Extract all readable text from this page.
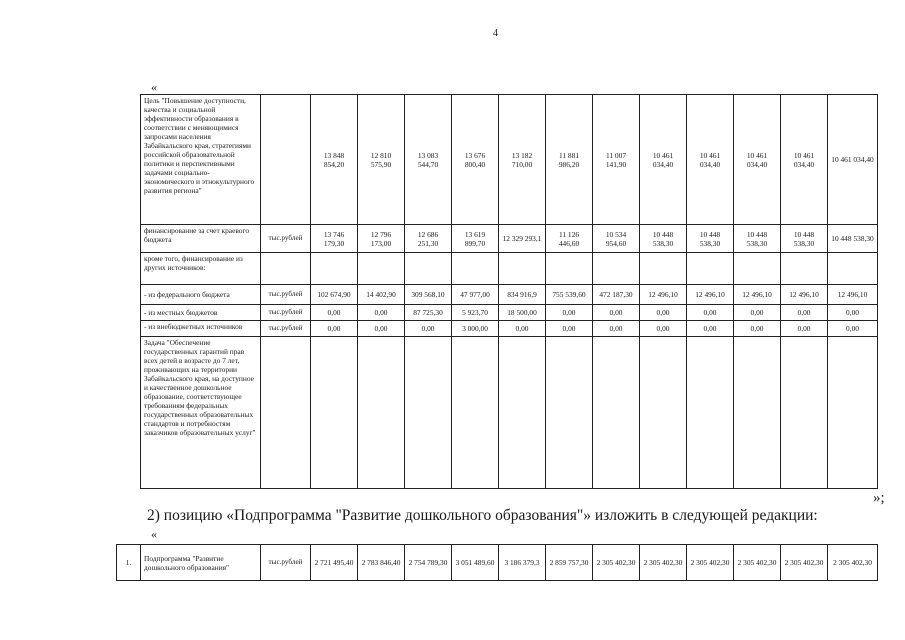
4
«
Цель "Повышение доступности, качества и социальной эффективности образования в соответствии с меняющимися запросами населения Забайкальского края, стратегиями российской образовательной политики и перспективными задачами социально-экономического и этнокультурного развития региона"		13 848 854,20	12 810 575,90	13 083 544,70	13 676 800,40	13 182 710,00	11 881 986,20	11 007 141,90	10 461 034,40	10 461 034,40	10 461 034,40	10 461 034,40	10 461 034,40
финансирование за счет краевого бюджета	тыс.рублей	13 746 179,30	12 796 173,00	12 686 251,30	13 619 899,70	12 329 293,1	11 126 446,60	10 534 954,60	10 448 538,30	10 448 538,30	10 448 538,30	10 448 538,30	10 448 538,30
кроме того, финансирование из других источников:													
- из федерального бюджета	тыс.рублей	102 674,90	14 402,90	309 568,10	47 977,00	834 916,9	755 539,60	472 187,30	12 496,10	12 496,10	12 496,10	12 496,10	12 496,10
- из местных бюджетов	тыс.рублей	0,00	0,00	87 725,30	5 923,70	18 500,00	0,00	0,00	0,00	0,00	0,00	0,00	0,00
- из внебюджетных источников	тыс.рублей	0,00	0,00	0,00	3 000,00	0,00	0,00	0,00	0,00	0,00	0,00	0,00	0,00
Задача "Обеспечение государственных гарантий прав всех детей в возрасте до 7 лет, проживающих на территории Забайкальского края, на доступное и качественное дошкольное образование, соответствующее требованиям федеральных государственных образовательных стандартов и потребностям заказчиков образовательных услуг"													
»;
2) позицию «Подпрограмма "Развитие дошкольного образования"» изложить в следующей редакции:
«
1.	Подпрограмма "Развитие дошкольного образования"	тыс.рублей	2 721 495,40	2 783 846,40	2 754 789,30	3 051 489,60	3 186 379,3	2 859 757,30	2 305 402,30	2 305 402,30	2 305 402,30	2 305 402,30	2 305 402,30	2 305 402,30
